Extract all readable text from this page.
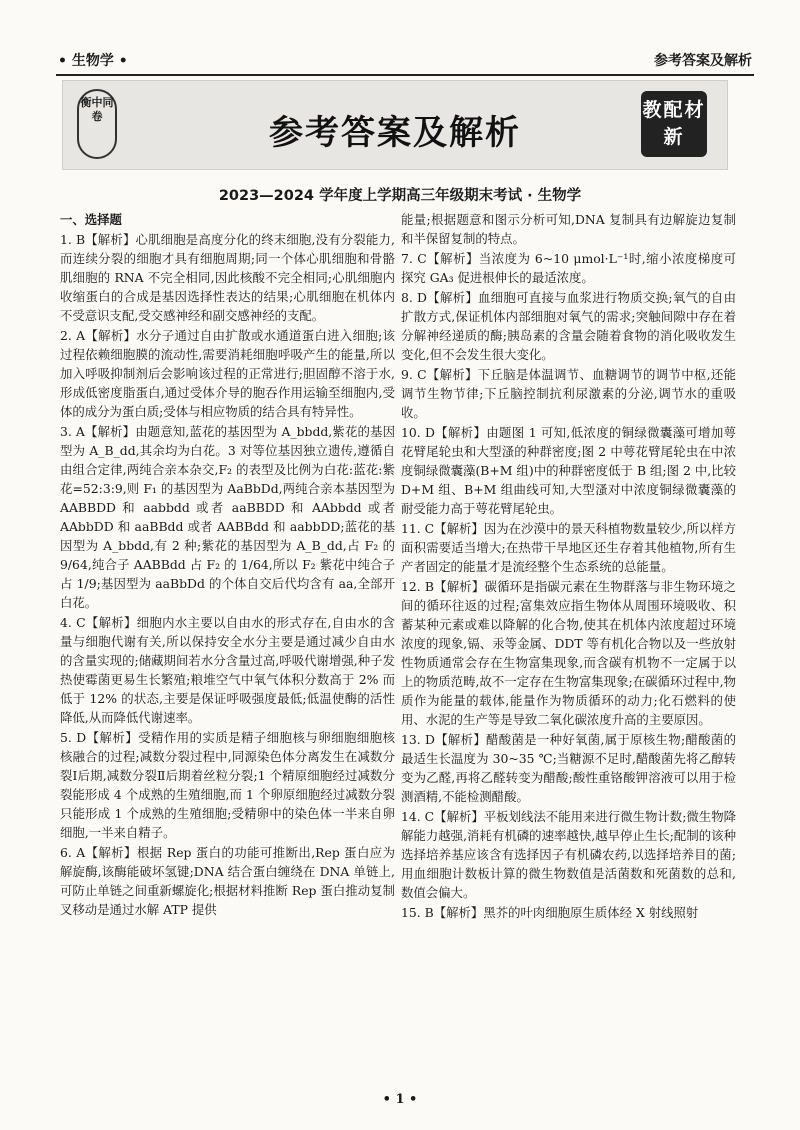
• 生物学 •	参考答案及解析
衡中同卷	参考答案及解析
教配材新
2023—2024 学年度上学期高三年级期末考试 · 生物学

一、选择题

1. B【解析】心肌细胞是高度分化的终末细胞,没有分裂能力,而连续分裂的细胞才具有细胞周期;同一个体心肌细胞和骨骼肌细胞的 RNA 不完全相同,因此核酸不完全相同;心肌细胞内收缩蛋白的合成是基因选择性表达的结果;心肌细胞在机体内不受意识支配,受交感神经和副交感神经的支配。

2. A【解析】水分子通过自由扩散或水通道蛋白进入细胞;该过程依赖细胞膜的流动性,需要消耗细胞呼吸产生的能量,所以加入呼吸抑制剂后会影响该过程的正常进行;胆固醇不溶于水,形成低密度脂蛋白,通过受体介导的胞吞作用运输至细胞内,受体的成分为蛋白质;受体与相应物质的结合具有特异性。

3. A【解析】由题意知,蓝花的基因型为 A_bbdd,紫花的基因型为 A_B_dd,其余均为白花。3 对等位基因独立遗传,遵循自由组合定律,两纯合亲本杂交,F₂ 的表型及比例为白花:蓝花:紫花=52:3:9,则 F₁ 的基因型为 AaBbDd,两纯合亲本基因型为 AABBDD 和 aabbdd 或者 aaBBDD 和 AAbbdd 或者 AAbbDD 和 aaBBdd 或者 AABBdd 和 aabbDD;蓝花的基因型为 A_bbdd,有 2 种;紫花的基因型为 A_B_dd,占 F₂ 的 9/64,纯合子 AABBdd 占 F₂ 的 1/64,所以 F₂ 紫花中纯合子占 1/9;基因型为 aaBbDd 的个体自交后代均含有 aa,全部开白花。

4. C【解析】细胞内水主要以自由水的形式存在,自由水的含量与细胞代谢有关,所以保持安全水分主要是通过减少自由水的含量实现的;储藏期间若水分含量过高,呼吸代谢增强,种子发热使霉菌更易生长繁殖;粮堆空气中氧气体积分数高于 2% 而低于 12% 的状态,主要是保证呼吸强度最低;低温使酶的活性降低,从而降低代谢速率。

5. D【解析】受精作用的实质是精子细胞核与卵细胞细胞核核融合的过程;减数分裂过程中,同源染色体分离发生在减数分裂Ⅰ后期,减数分裂Ⅱ后期着丝粒分裂;1 个精原细胞经过减数分裂能形成 4 个成熟的生殖细胞,而 1 个卵原细胞经过减数分裂只能形成 1 个成熟的生殖细胞;受精卵中的染色体一半来自卵细胞,一半来自精子。

6. A【解析】根据 Rep 蛋白的功能可推断出,Rep 蛋白应为解旋酶,该酶能破坏氢键;DNA 结合蛋白缠绕在 DNA 单链上,可防止单链之间重新螺旋化;根据材料推断 Rep 蛋白推动复制叉移动是通过水解 ATP 提供

能量;根据题意和图示分析可知,DNA 复制具有边解旋边复制和半保留复制的特点。

7. C【解析】当浓度为 6~10 μmol·L⁻¹时,缩小浓度梯度可探究 GA₃ 促进根伸长的最适浓度。

8. D【解析】血细胞可直接与血浆进行物质交换;氧气的自由扩散方式,保证机体内部细胞对氧气的需求;突触间隙中存在着分解神经递质的酶;胰岛素的含量会随着食物的消化吸收发生变化,但不会发生很大变化。

9. C【解析】下丘脑是体温调节、血糖调节的调节中枢,还能调节生物节律;下丘脑控制抗利尿激素的分泌,调节水的重吸收。

10. D【解析】由题图 1 可知,低浓度的铜绿微囊藻可增加萼花臂尾轮虫和大型溞的种群密度;图 2 中萼花臂尾轮虫在中浓度铜绿微囊藻(B+M 组)中的种群密度低于 B 组;图 2 中,比较 D+M 组、B+M 组曲线可知,大型溞对中浓度铜绿微囊藻的耐受能力高于萼花臂尾轮虫。

11. C【解析】因为在沙漠中的景天科植物数量较少,所以样方面积需要适当增大;在热带干旱地区还生存着其他植物,所有生产者固定的能量才是流经整个生态系统的总能量。

12. B【解析】碳循环是指碳元素在生物群落与非生物环境之间的循环往返的过程;富集效应指生物体从周围环境吸收、积蓄某种元素或难以降解的化合物,使其在机体内浓度超过环境浓度的现象,镉、汞等金属、DDT 等有机化合物以及一些放射性物质通常会存在生物富集现象,而含碳有机物不一定属于以上的物质范畴,故不一定存在生物富集现象;在碳循环过程中,物质作为能量的载体,能量作为物质循环的动力;化石燃料的使用、水泥的生产等是导致二氧化碳浓度升高的主要原因。

13. D【解析】醋酸菌是一种好氧菌,属于原核生物;醋酸菌的最适生长温度为 30~35 ℃;当糖源不足时,醋酸菌先将乙醇转变为乙醛,再将乙醛转变为醋酸;酸性重铬酸钾溶液可以用于检测酒精,不能检测醋酸。

14. C【解析】平板划线法不能用来进行微生物计数;微生物降解能力越强,消耗有机磷的速率越快,越早停止生长;配制的该种选择培养基应该含有选择因子有机磷农药,以选择培养目的菌;用血细胞计数板计算的微生物数值是活菌数和死菌数的总和,数值会偏大。

15. B【解析】黑芥的叶肉细胞原生质体经 X 射线照射

• 1 •
